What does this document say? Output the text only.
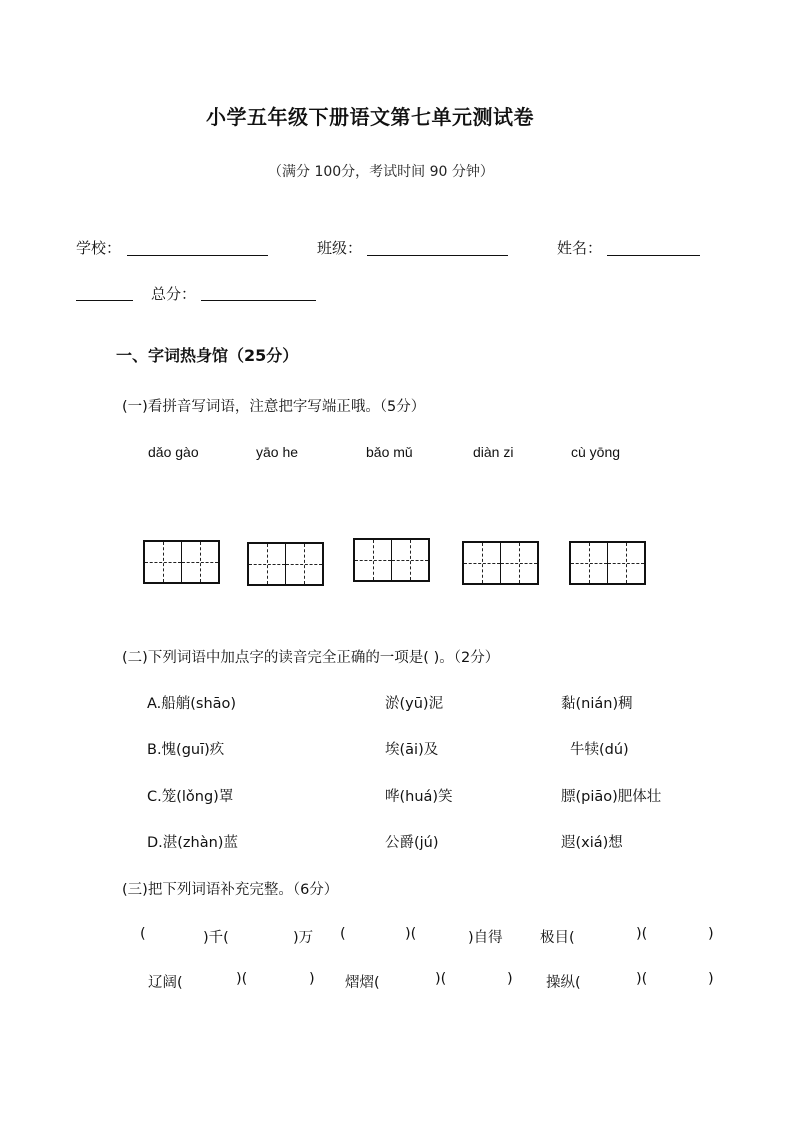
小学五年级下册语文第七单元测试卷
（满分 100分，考试时间 90 分钟）
学校：	班级：	姓名：
总分：
一、字词热身馆（25分）
(一)看拼音写词语，注意把字写端正哦。（5分）
dǎo gào	yāo he	bǎo mǔ	diàn zi	cù yōng
(二)下列词语中加点字的读音完全正确的一项是( )。（2分）
A.船艄(shāo)	淤(yū)泥	黏(nián)稠
B.愧(guī)疚	埃(āi)及	牛犊(dú)
C.笼(lǒng)罩	哗(huá)笑	膘(piāo)肥体壮
D.湛(zhàn)蓝	公爵(jú)	遐(xiá)想
(三)把下列词语补充完整。（6分）
(	)千(	)万 (	)(	)自得	极目(	)(	)
辽阔(	)(	) 熠熠(	)(	) 操纵(	)(	)
